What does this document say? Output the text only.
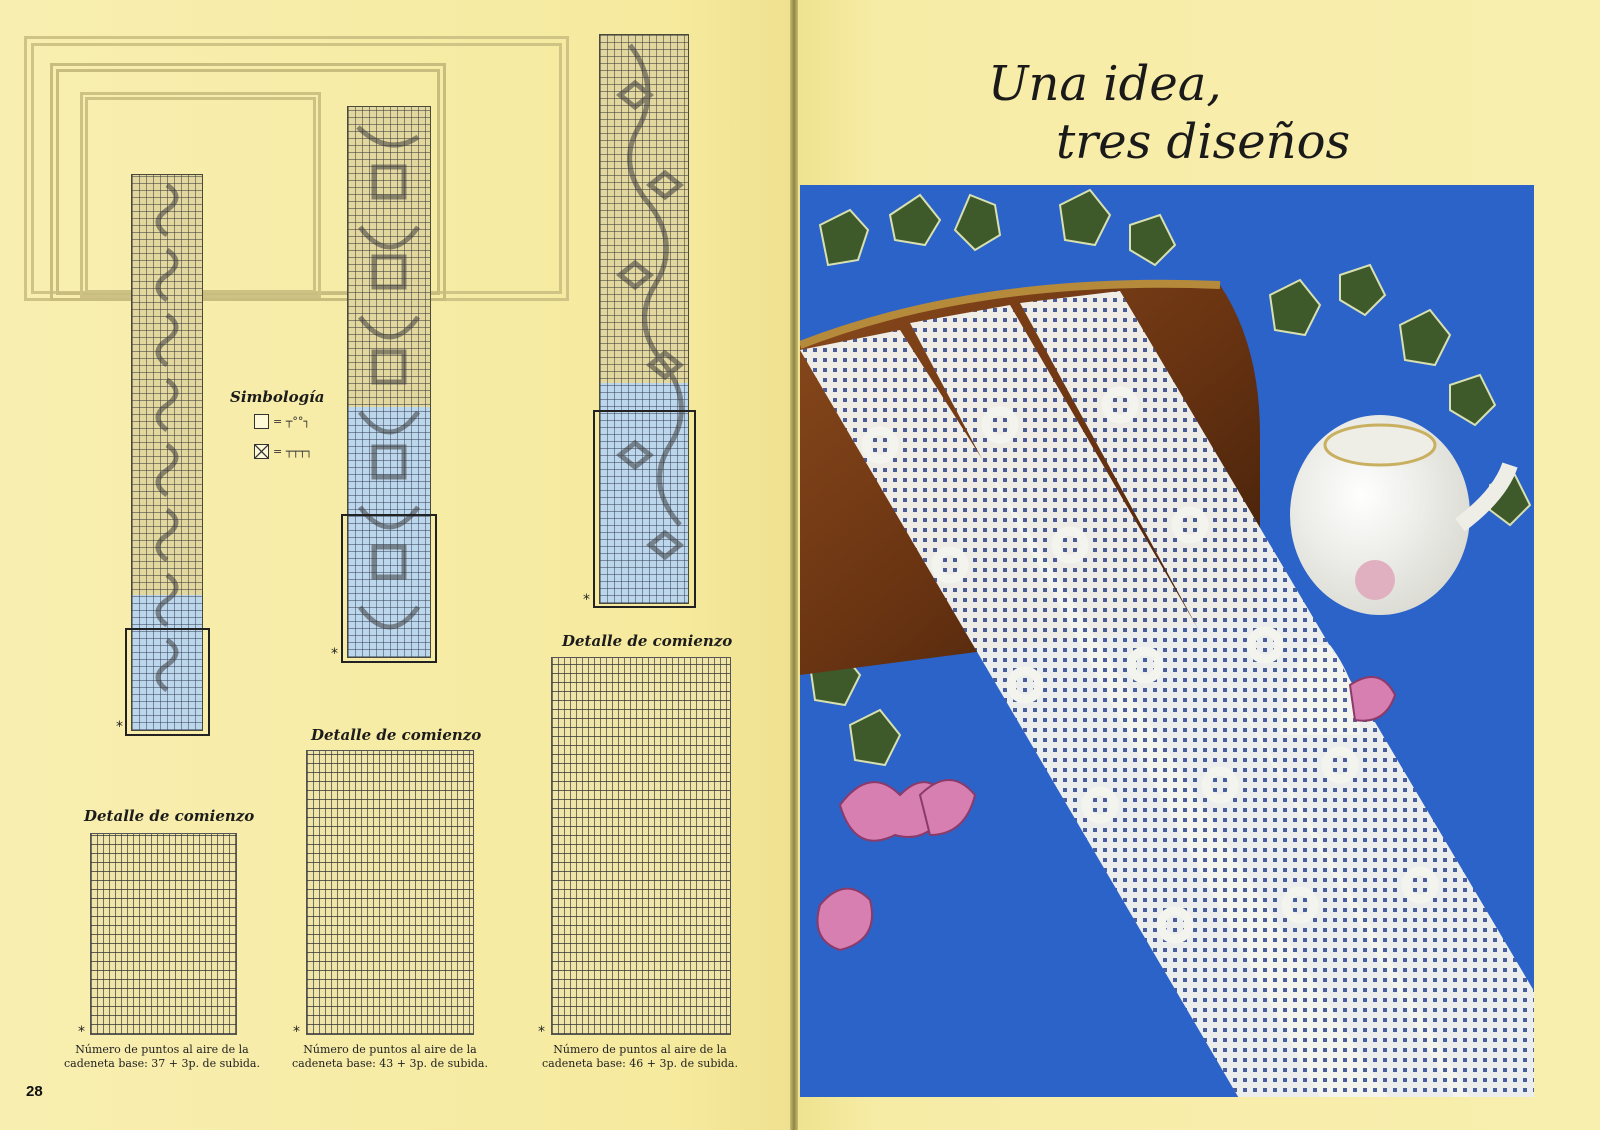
*
*
*
Simbología
= ┬°°┐
= ┬┬┬┐
Detalle de comienzo
*
Número de puntos al aire de la cadeneta base: 37 + 3p. de subida.
Detalle de comienzo
*
Número de puntos al aire de la cadeneta base: 43 + 3p. de subida.
Detalle de comienzo
*
Número de puntos al aire de la cadeneta base: 46 + 3p. de subida.
28
Una idea,
tres diseños
